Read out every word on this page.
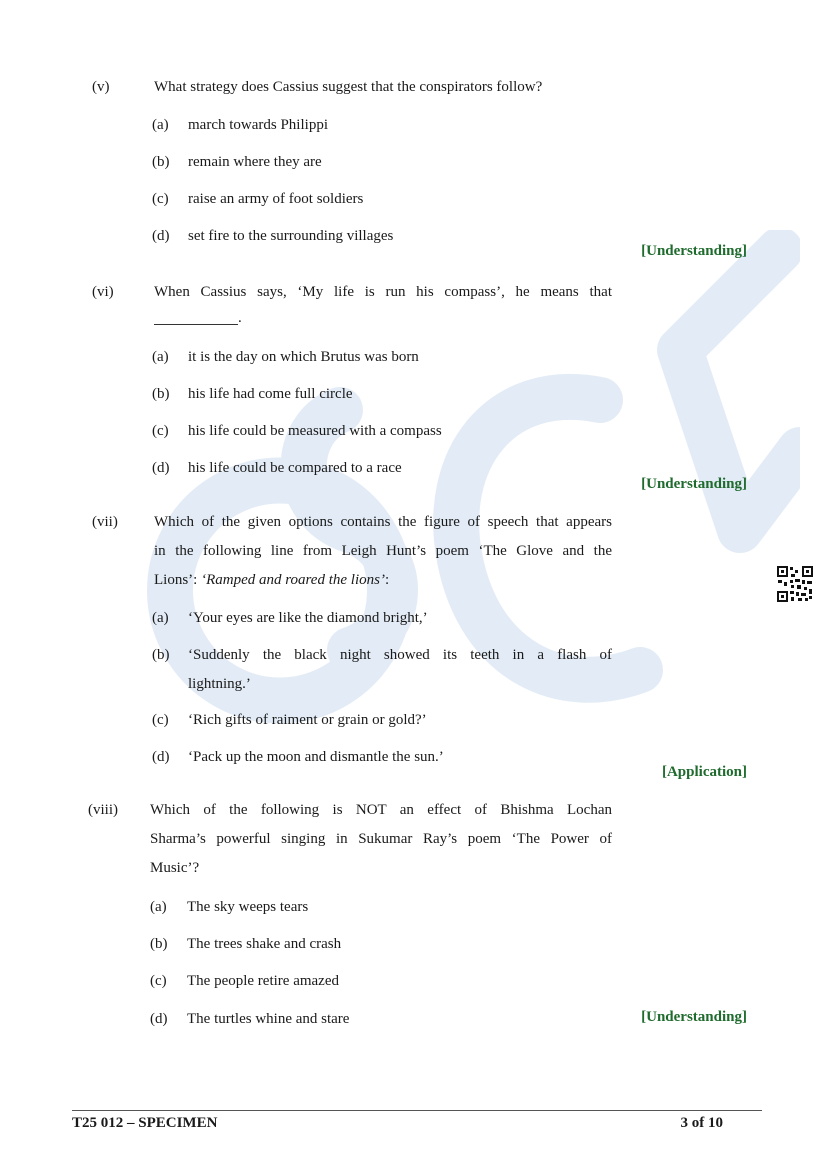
(v)	What strategy does Cassius suggest that the conspirators follow?
(a) march towards Philippi
(b) remain where they are
(c) raise an army of foot soldiers
(d) set fire to the surrounding villages
[Understanding]
(vi)	When Cassius says, ‘My life is run his compass’, he means that
.
(a) it is the day on which Brutus was born
(b) his life had come full circle
(c) his life could be measured with a compass
(d) his life could be compared to a race
[Understanding]
(vii) Which of the given options contains the figure of speech that appears
in the following line from Leigh Hunt’s poem ‘The Glove and the
Lions’: ‘Ramped and roared the lions’:
(a) ‘Your eyes are like the diamond bright,’
(b) ‘Suddenly the black night showed its teeth in a flash of
lightning.’
(c) ‘Rich gifts of raiment or grain or gold?’
(d) ‘Pack up the moon and dismantle the sun.’
[Application]
(viii) Which of the following is NOT an effect of Bhishma Lochan
Sharma’s powerful singing in Sukumar Ray’s poem ‘The Power of
Music’?
(a) The sky weeps tears
(b) The trees shake and crash
(c) The people retire amazed
(d) The turtles whine and stare	[Understanding]
T25 012 – SPECIMEN	3 of 10
